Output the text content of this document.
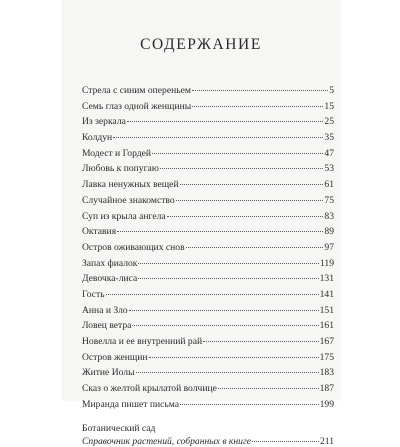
СОДЕРЖАНИЕ
Стрела с синим опереньем	5
Семь глаз одной женщины	15
Из зеркала	25
Колдун	35
Модест и Гордей	47
Любовь к попугаю	53
Лавка ненужных вещей	61
Случайное знакомство	75
Суп из крыла ангела	83
Октавия	89
Остров оживающих снов	97
Запах фиалок	119
Девочка-лиса	131
Гость	141
Анна и Зло	151
Ловец ветра	161
Новелла и ее внутренний рай	167
Остров женщин	175
Житие Иолы	183
Сказ о желтой крылатой волчице	187
Миранда пишет письма	199
Ботанический сад
Справочник растений, собранных в книге	211
